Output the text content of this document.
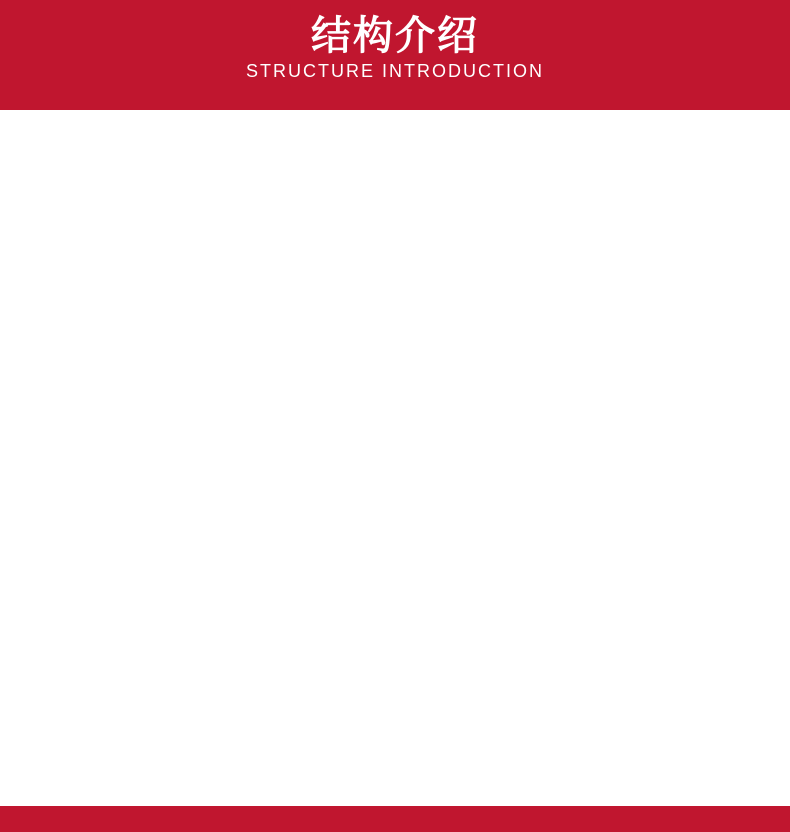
结构介绍
STRUCTURE INTRODUCTION
